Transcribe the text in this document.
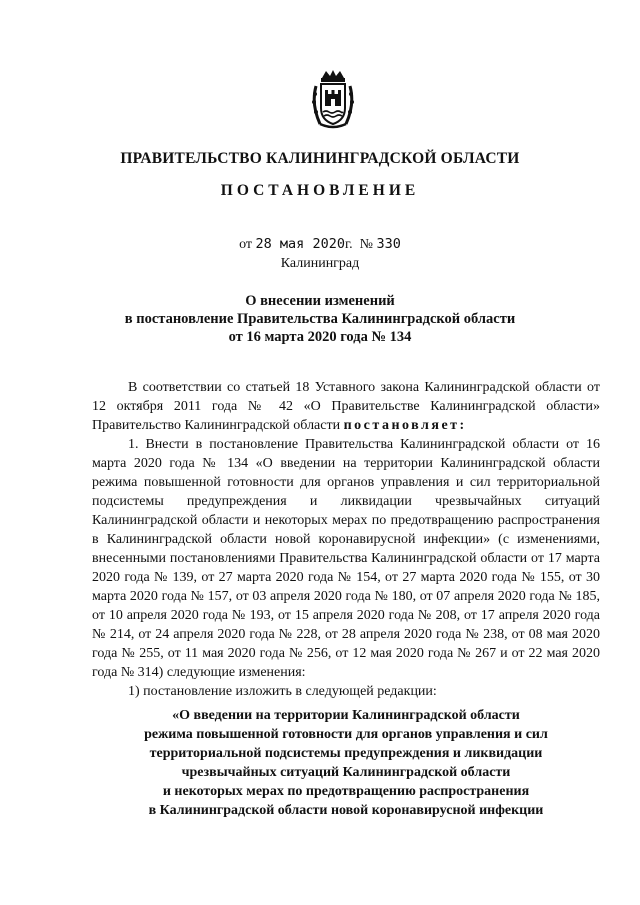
ПРАВИТЕЛЬСТВО КАЛИНИНГРАДСКОЙ ОБЛАСТИ
ПОСТАНОВЛЕНИЕ
от 28 мая 2020г. № 330
Калининград
О внесении изменений
в постановление Правительства Калининградской области
от 16 марта 2020 года № 134

В соответствии со статьей 18 Уставного закона Калининградской области от 12 октября 2011 года № 42 «О Правительстве Калининградской области» Правительство Калининградской области постановляет:

1. Внести в постановление Правительства Калининградской области от 16 марта 2020 года № 134 «О введении на территории Калининградской области режима повышенной готовности для органов управления и сил территориальной подсистемы предупреждения и ликвидации чрезвычайных ситуаций Калининградской области и некоторых мерах по предотвращению распространения в Калининградской области новой коронавирусной инфекции» (с изменениями, внесенными постановлениями Правительства Калининградской области от 17 марта 2020 года № 139, от 27 марта 2020 года № 154, от 27 марта 2020 года № 155, от 30 марта 2020 года № 157, от 03 апреля 2020 года № 180, от 07 апреля 2020 года № 185, от 10 апреля 2020 года № 193, от 15 апреля 2020 года № 208, от 17 апреля 2020 года № 214, от 24 апреля 2020 года № 228, от 28 апреля 2020 года № 238, от 08 мая 2020 года № 255, от 11 мая 2020 года № 256, от 12 мая 2020 года № 267 и от 22 мая 2020 года № 314) следующие изменения:

1) постановление изложить в следующей редакции:

«О введении на территории Калининградской области
режима повышенной готовности для органов управления и сил
территориальной подсистемы предупреждения и ликвидации
чрезвычайных ситуаций Калининградской области
и некоторых мерах по предотвращению распространения
в Калининградской области новой коронавирусной инфекции
